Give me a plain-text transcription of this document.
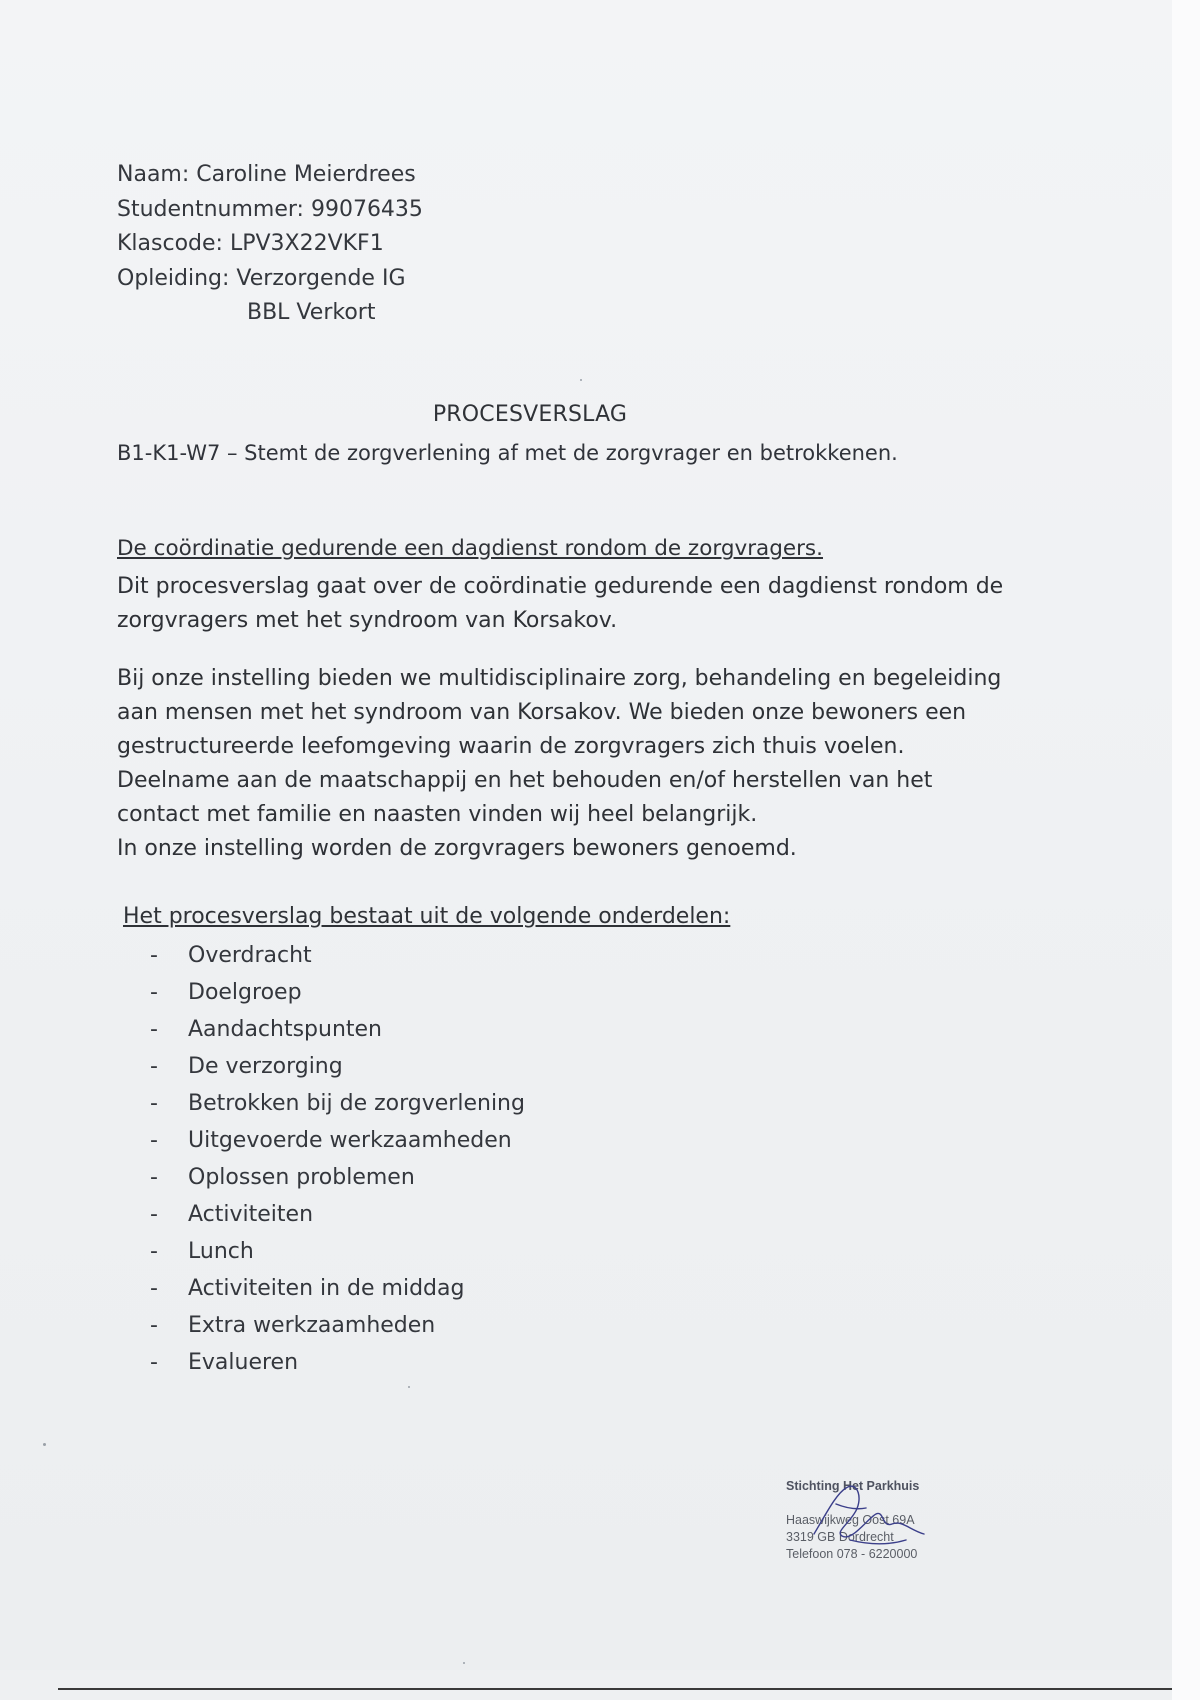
Naam: Caroline Meierdrees
Studentnummer: 99076435
Klascode: LPV3X22VKF1
Opleiding: Verzorgende IG
BBL Verkort
PROCESVERSLAG
B1-K1-W7 – Stemt de zorgverlening af met de zorgvrager en betrokkenen.
De coördinatie gedurende een dagdienst rondom de zorgvragers.
Dit procesverslag gaat over de coördinatie gedurende een dagdienst rondom de zorgvragers met het syndroom van Korsakov.
Bij onze instelling bieden we multidisciplinaire zorg, behandeling en begeleiding
aan mensen met het syndroom van Korsakov. We bieden onze bewoners een
gestructureerde leefomgeving waarin de zorgvragers zich thuis voelen.
Deelname aan de maatschappij en het behouden en/of herstellen van het
contact met familie en naasten vinden wij heel belangrijk.
In onze instelling worden de zorgvragers bewoners genoemd.
Het procesverslag bestaat uit de volgende onderdelen:
- Overdracht
- Doelgroep
- Aandachtspunten
- De verzorging
- Betrokken bij de zorgverlening
- Uitgevoerde werkzaamheden
- Oplossen problemen
- Activiteiten
- Lunch
- Activiteiten in de middag
- Extra werkzaamheden
- Evalueren
Stichting Het Parkhuis
Haaswijkweg Oost 69A
3319 GB Dordrecht
Telefoon 078 - 6220000
